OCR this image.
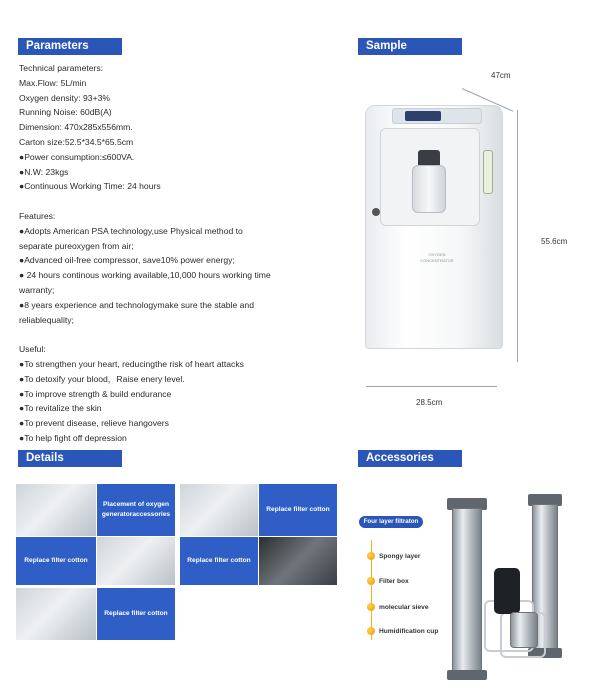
Parameters	Sample
Details	Accessories

Technical parameters:

Max.Flow: 5L/min

Oxygen density: 93+3%

Running Noise: 60dB(A)

Dimension: 470x285x556mm.

Carton size:52.5*34.5*65.5cm

●Power consumption:≤600VA.

●N.W: 23kgs

●Continuous Working Time: 24 hours

Features:

●Adopts American PSA technology,use Physical method to

separate pureoxygen from air;

●Advanced oil-free compressor, save10% power energy;

● 24 hours continous working available,10,000 hours working time

warranty;

●8 years experience and technologymake sure the stable and

reliablequality;

Useful:

●To strengthen your heart, reducingthe risk of heart attacks

●To detoxify your blood，Raise enery level.

●To improve strength & build endurance

●To revitalize the skin

●To prevent disease, relieve hangovers

●To help fight off depression

47cm
55.6cm
28.5cm
OXYGEN CONCENTRATOR
Placement of oxygen generatoraccessories
Replace filter cotton
Replace filter cotton	Replace filter cotton
Replace filter cotton
Four layer filtraton
Spongy layer
Filter box
molecular sieve
Humidification cup
